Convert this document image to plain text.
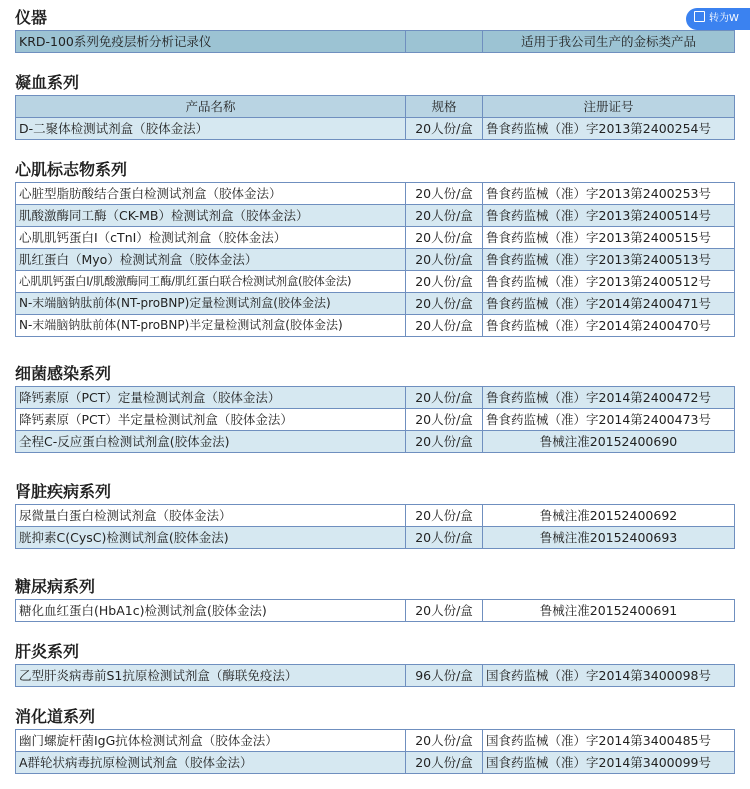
转为W
仪器
KRD-100系列免疫层析分析记录仪		适用于我公司生产的金标类产品
凝血系列
产品名称	规格	注册证号
D-二聚体检测试剂盒（胶体金法）	20人份/盒	鲁食药监械（准）字2013第2400254号
心肌标志物系列
心脏型脂肪酸结合蛋白检测试剂盒（胶体金法）	20人份/盒	鲁食药监械（准）字2013第2400253号
肌酸激酶同工酶（CK-MB）检测试剂盒（胶体金法）	20人份/盒	鲁食药监械（准）字2013第2400514号
心肌肌钙蛋白I（cTnI）检测试剂盒（胶体金法）	20人份/盒	鲁食药监械（准）字2013第2400515号
肌红蛋白（Myo）检测试剂盒（胶体金法）	20人份/盒	鲁食药监械（准）字2013第2400513号
心肌肌钙蛋白I/肌酸激酶同工酶/肌红蛋白联合检测试剂盒(胶体金法)	20人份/盒	鲁食药监械（准）字2013第2400512号
N-末端脑钠肽前体(NT-proBNP)定量检测试剂盒(胶体金法)	20人份/盒	鲁食药监械（准）字2014第2400471号
N-末端脑钠肽前体(NT-proBNP)半定量检测试剂盒(胶体金法)	20人份/盒	鲁食药监械（准）字2014第2400470号
细菌感染系列
降钙素原（PCT）定量检测试剂盒（胶体金法）	20人份/盒	鲁食药监械（准）字2014第2400472号
降钙素原（PCT）半定量检测试剂盒（胶体金法）	20人份/盒	鲁食药监械（准）字2014第2400473号
全程C-反应蛋白检测试剂盒(胶体金法)	20人份/盒	鲁械注准20152400690
肾脏疾病系列
尿微量白蛋白检测试剂盒（胶体金法）	20人份/盒	鲁械注准20152400692
胱抑素C(CysC)检测试剂盒(胶体金法)	20人份/盒	鲁械注准20152400693
糖尿病系列
糖化血红蛋白(HbA1c)检测试剂盒(胶体金法)	20人份/盒	鲁械注准20152400691
肝炎系列
乙型肝炎病毒前S1抗原检测试剂盒（酶联免疫法）	96人份/盒	国食药监械（准）字2014第3400098号
消化道系列
幽门螺旋杆菌IgG抗体检测试剂盒（胶体金法）	20人份/盒	国食药监械（准）字2014第3400485号
A群轮状病毒抗原检测试剂盒（胶体金法）	20人份/盒	国食药监械（准）字2014第3400099号
